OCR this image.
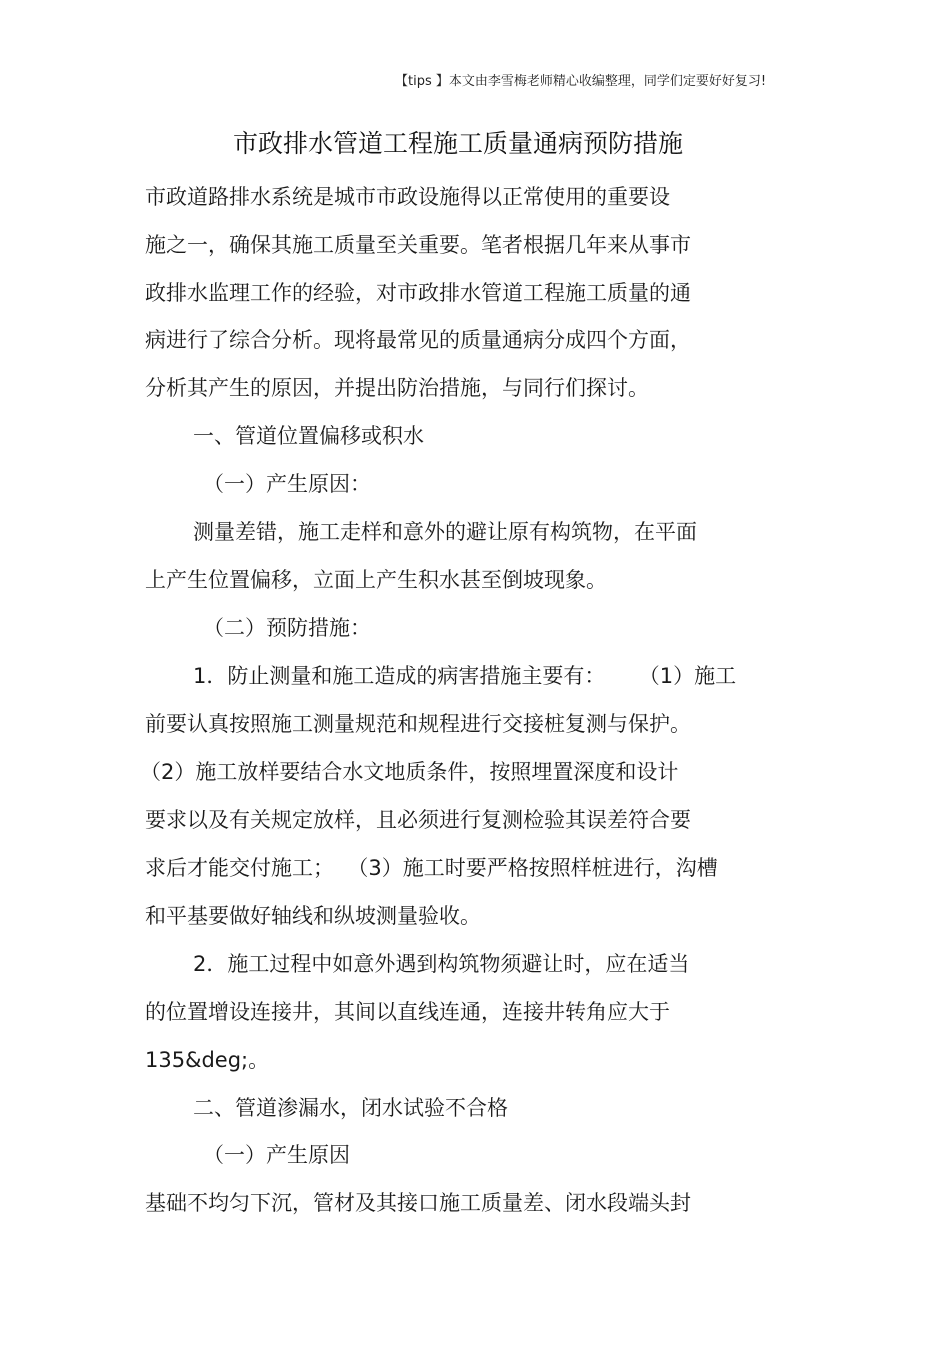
【tips 】本文由李雪梅老师精心收编整理，同学们定要好好复习!
市政排水管道工程施工质量通病预防措施
市政道路排水系统是城市市政设施得以正常使用的重要设
施之一，确保其施工质量至关重要。笔者根据几年来从事市
政排水监理工作的经验，对市政排水管道工程施工质量的通
病进行了综合分析。现将最常见的质量通病分成四个方面，
分析其产生的原因，并提出防治措施，与同行们探讨。
一、管道位置偏移或积水
（一）产生原因：
测量差错，施工走样和意外的避让原有构筑物，在平面
上产生位置偏移，立面上产生积水甚至倒坡现象。
（二）预防措施：
1．防止测量和施工造成的病害措施主要有：     （1）施工
前要认真按照施工测量规范和规程进行交接桩复测与保护。
（2）施工放样要结合水文地质条件，按照埋置深度和设计
要求以及有关规定放样，且必须进行复测检验其误差符合要
求后才能交付施工；  （3）施工时要严格按照样桩进行，沟槽
和平基要做好轴线和纵坡测量验收。
2．施工过程中如意外遇到构筑物须避让时，应在适当
的位置增设连接井，其间以直线连通，连接井转角应大于
135&deg;。
二、管道渗漏水，闭水试验不合格
（一）产生原因
基础不均匀下沉，管材及其接口施工质量差、闭水段端头封
